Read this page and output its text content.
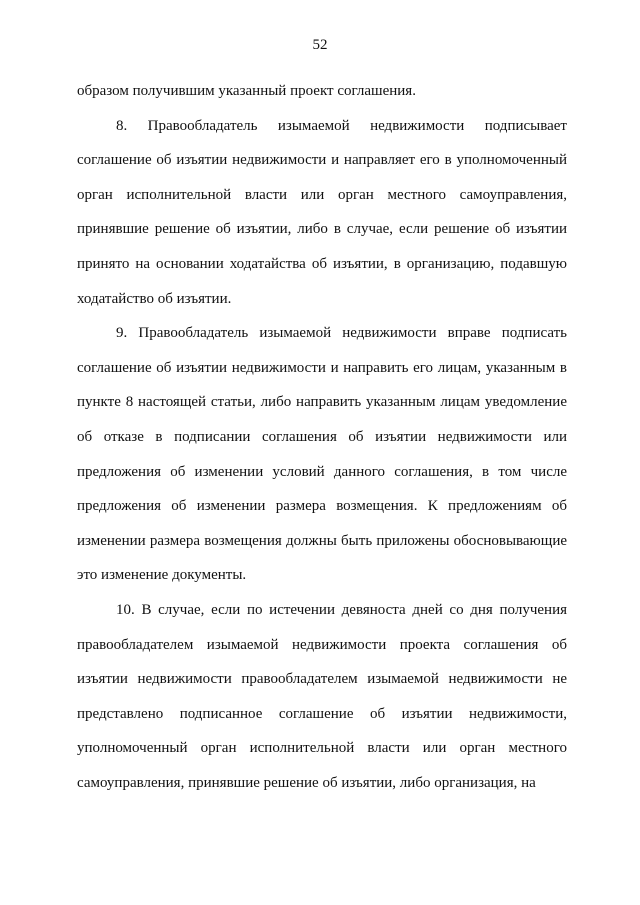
52

образом получившим указанный проект соглашения.

8. Правообладатель изымаемой недвижимости подписывает соглашение об изъятии недвижимости и направляет его в уполномоченный орган исполнительной власти или орган местного самоуправления, принявшие решение об изъятии, либо в случае, если решение об изъятии принято на основании ходатайства об изъятии, в организацию, подавшую ходатайство об изъятии.

9. Правообладатель изымаемой недвижимости вправе подписать соглашение об изъятии недвижимости и направить его лицам, указанным в пункте 8 настоящей статьи, либо направить указанным лицам уведомление об отказе в подписании соглашения об изъятии недвижимости или предложения об изменении условий данного соглашения, в том числе предложения об изменении размера возмещения. К предложениям об изменении размера возмещения должны быть приложены обосновывающие это изменение документы.

10. В случае, если по истечении девяноста дней со дня получения правообладателем изымаемой недвижимости проекта соглашения об изъятии недвижимости правообладателем изымаемой недвижимости не представлено подписанное соглашение об изъятии недвижимости, уполномоченный орган исполнительной власти или орган местного самоуправления, принявшие решение об изъятии, либо организация, на
